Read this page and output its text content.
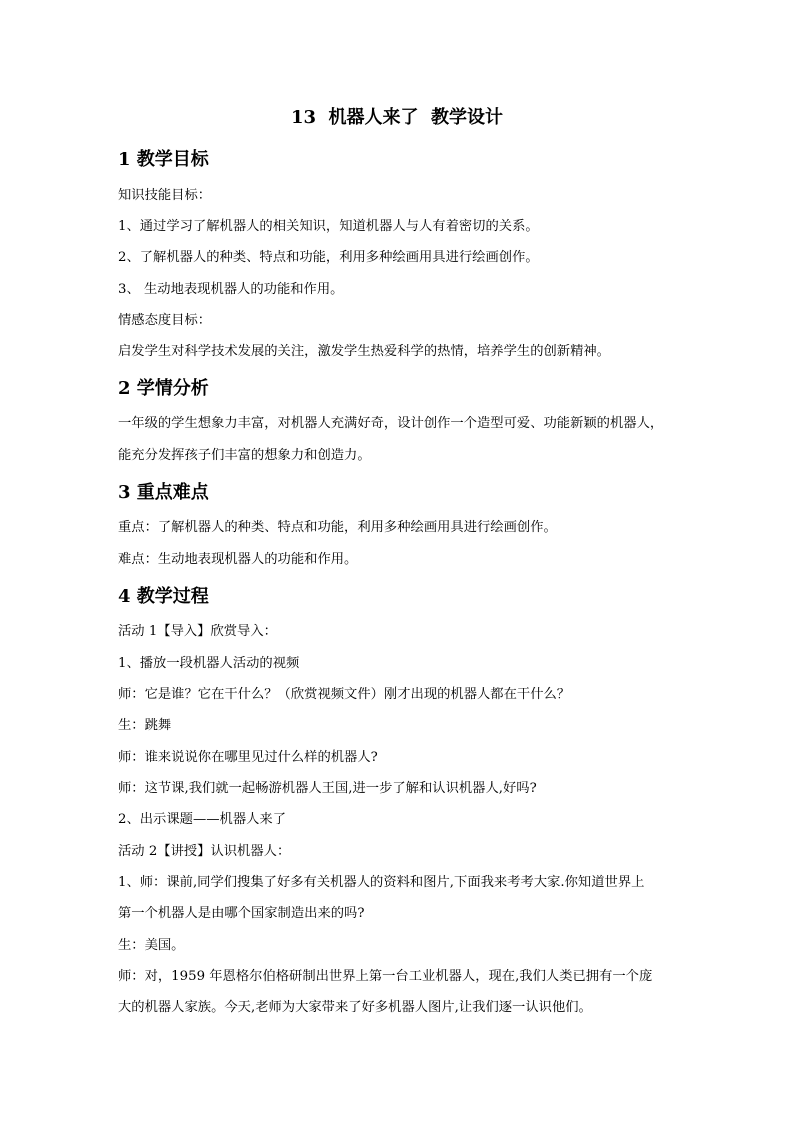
13  机器人来了  教学设计
1 教学目标
知识技能目标：
1、通过学习了解机器人的相关知识，知道机器人与人有着密切的关系。
2、了解机器人的种类、特点和功能，利用多种绘画用具进行绘画创作。
3、 生动地表现机器人的功能和作用。
情感态度目标：
启发学生对科学技术发展的关注，激发学生热爱科学的热情，培养学生的创新精神。
2 学情分析
一年级的学生想象力丰富，对机器人充满好奇，设计创作一个造型可爱、功能新颖的机器人，
能充分发挥孩子们丰富的想象力和创造力。
3 重点难点
重点：了解机器人的种类、特点和功能，利用多种绘画用具进行绘画创作。
难点：生动地表现机器人的功能和作用。
4 教学过程
活动 1【导入】欣赏导入：
1、播放一段机器人活动的视频
师：它是谁？它在干什么？（欣赏视频文件）刚才出现的机器人都在干什么？
生：跳舞
师：谁来说说你在哪里见过什么样的机器人?
师：这节课,我们就一起畅游机器人王国,进一步了解和认识机器人,好吗?
2、出示课题——机器人来了
活动 2【讲授】认识机器人：
1、师：课前,同学们搜集了好多有关机器人的资料和图片,下面我来考考大家.你知道世界上
第一个机器人是由哪个国家制造出来的吗?
生：美国。
师：对，1959 年恩格尔伯格研制出世界上第一台工业机器人，现在,我们人类已拥有一个庞
大的机器人家族。今天,老师为大家带来了好多机器人图片,让我们逐一认识他们。
